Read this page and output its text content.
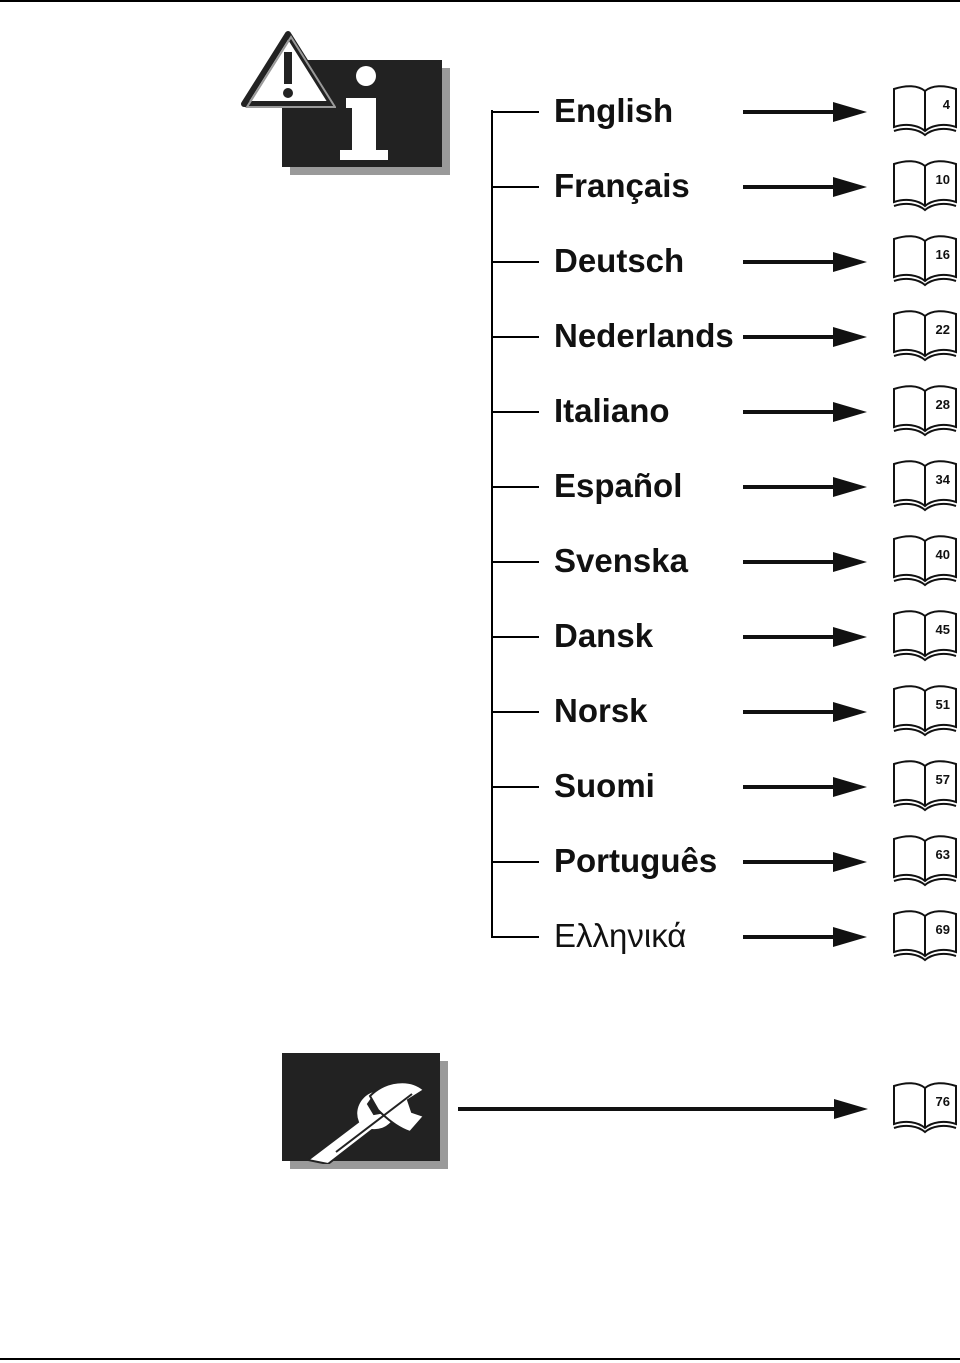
English	4
Français	10
Deutsch	16
Nederlands	22
Italiano	28
Español	34
Svenska	40
Dansk	45
Norsk	51
Suomi	57
Português	63
Ελληνικά	69
76
